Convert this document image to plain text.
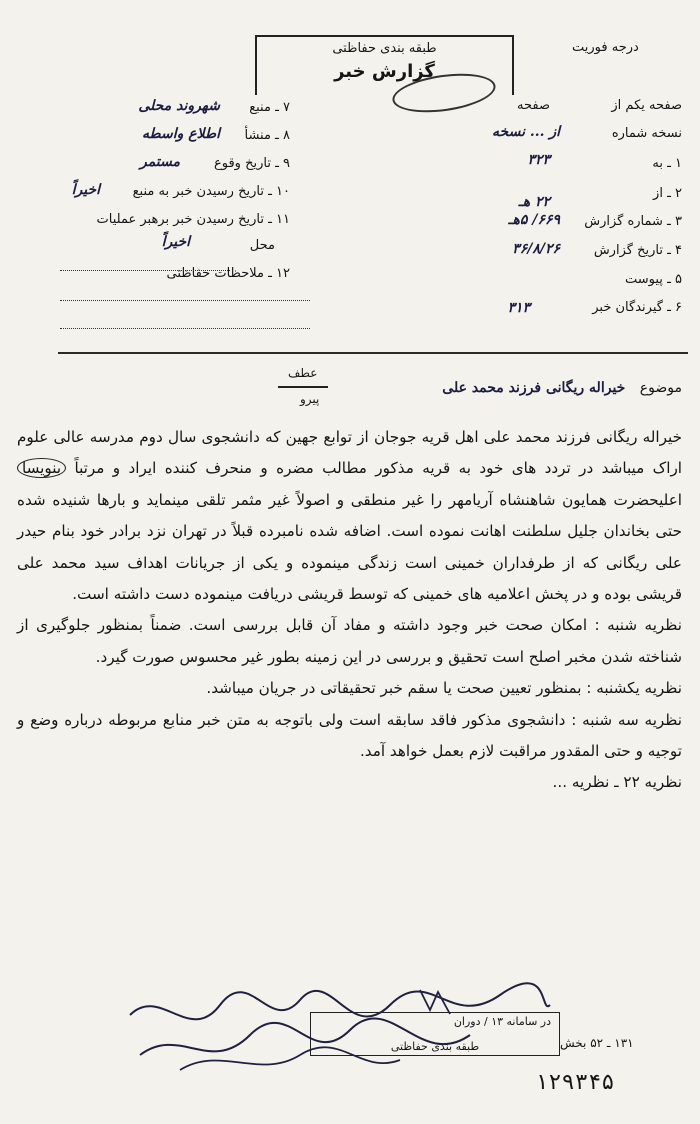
طبقه بندی حفاظتی
گزارش خبر
درجه فوریت
صفحه یکم از
صفحه
نسخه شماره
از ... نسخه
۱ ـ به
۳۲۳
۲ ـ از
۲۲ هـ
۳ ـ شماره گزارش
۶۶۹/ ۵هـ
۴ ـ تاریخ گزارش
۳۶/۸/۲۶
۵ ـ پیوست
۶ ـ گیرندگان خبر
۳۱۳
۷ ـ منبع
شهروند محلی
۸ ـ منشأ
اطلاع واسطه
۹ ـ تاریخ وقوع
مستمر
۱۰ ـ تاریخ رسیدن خبر به منبع
اخیراً
۱۱ ـ تاریخ رسیدن خبر برهبر عملیات
محل
اخیراً
۱۲ ـ ملاحظات حفاظتی
موضوع خیراله ریگانی فرزند محمد علی
عطف
پیرو

خیراله ریگانی فرزند محمد علی اهل قریه جوجان از توابع جهین که دانشجوی سال دوم مدرسه عالی علوم اراک میباشد در تردد های خود به قریه مذکور مطالب مضره و منحرف کننده ایراد و مرتباً بنویسا اعلیحضرت همایون شاهنشاه آریامهر را غیر منطقی و اصولاً غیر مثمر تلقی مینماید و بارها شنیده شده حتی بخاندان جلیل سلطنت اهانت نموده است. اضافه شده نامبرده قبلاً در تهران نزد برادر خود بنام حیدر علی ریگانی که از طرفداران خمینی است زندگی مینموده و یکی از جریانات اهداف سید محمد علی قریشی بوده و در پخش اعلامیه های خمینی که توسط قریشی دریافت مینموده دست داشته است.

نظریه شنبه : امکان صحت خبر وجود داشته و مفاد آن قابل بررسی است. ضمناً بمنظور جلوگیری از شناخته شدن مخبر اصلح است تحقیق و بررسی در این زمینه بطور غیر محسوس صورت گیرد.

نظریه یکشنبه : بمنظور تعیین صحت یا سقم خبر تحقیقاتی در جریان میباشد.

نظریه سه شنبه : دانشجوی مذکور فاقد سابقه است ولی باتوجه به متن خبر منابع مربوطه درباره وضع و توجیه و حتی المقدور مراقبت لازم بعمل خواهد آمد.

نظریه ۲۲ ـ نظریه ...

در سامانه ۱۳ / دوران
طبقه بندی حفاظتی	۱۳۱ ـ ۵۲ بخش
۱۲۹۳۴۵
